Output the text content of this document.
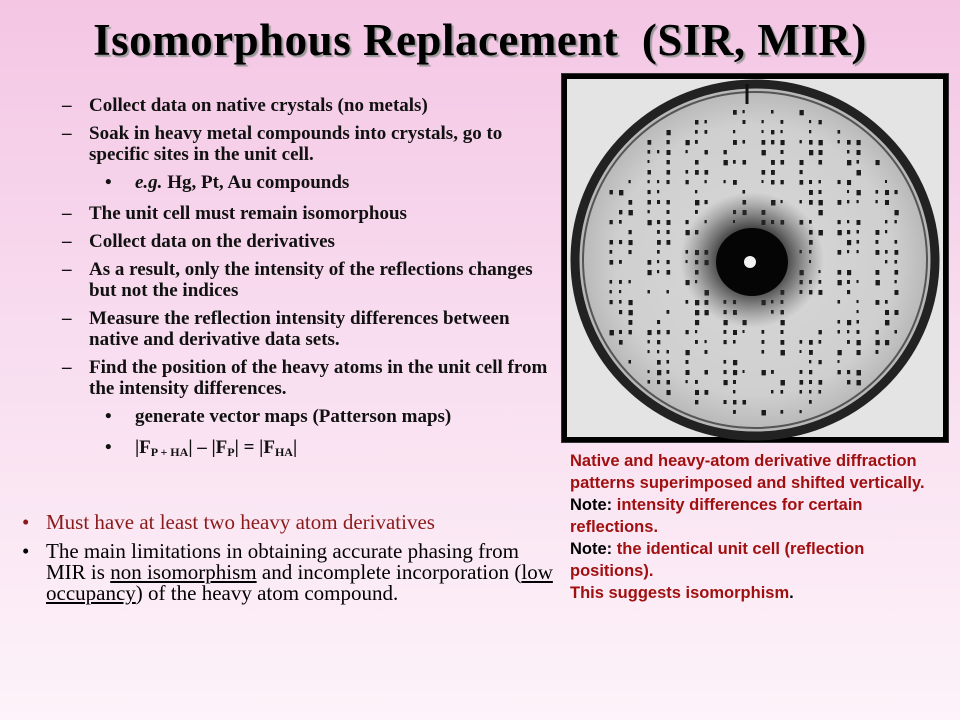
Isomorphous Replacement  (SIR, MIR)
– Collect data on native crystals (no metals)
– Soak in heavy metal compounds into crystals, go to specific sites in the unit cell.
• e.g. Hg, Pt, Au compounds
– The unit cell must remain isomorphous
– Collect data on the derivatives
– As a result, only the intensity of the reflections changes but not the indices
– Measure the reflection intensity differences between native and derivative data sets.
– Find the position of the heavy atoms in the unit cell from the intensity differences.
• generate vector maps (Patterson maps)
• $|F_{P + HA}| - |F_P| = |F_{HA}|$
• Must have at least two heavy atom derivatives
• The main limitations in obtaining accurate phasing from MIR is non isomorphism and incomplete incorporation (low occupancy) of the heavy atom compound.

Native and heavy-atom derivative diffraction patterns superimposed and shifted vertically.

Note: intensity differences for certain reflections.

Note: the identical unit cell (reflection positions).

This suggests isomorphism.
